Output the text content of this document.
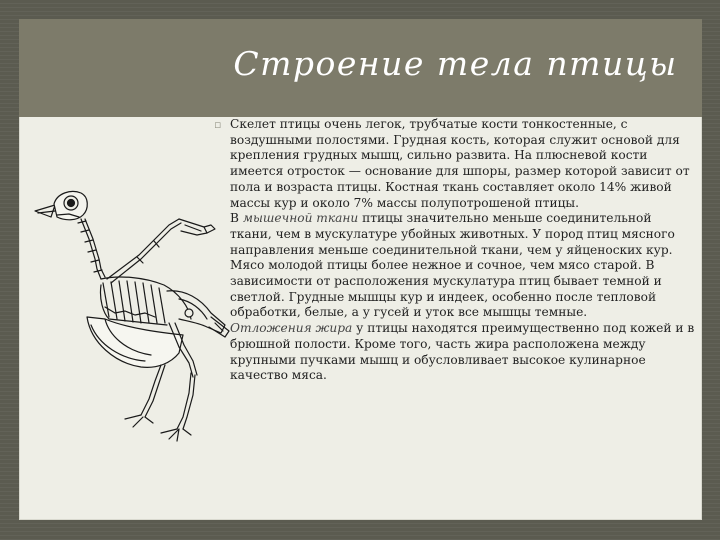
Строение тела птицы
▫ Скелет птицы очень легок, трубчатые кости тонкостенные, с воздушными полостями. Грудная кость, которая служит основой для крепления грудных мышц, сильно развита. На плюсневой кости имеется отросток — основание для шпоры, размер которой зависит от пола и возраста птицы. Костная ткань составляет около 14% живой массы кур и около 7% массы полупотрошеной птицы.

В мышечной ткани птицы значительно меньше соединительной ткани, чем в мускулатуре убойных животных. У пород птиц мясного направления меньше соединительной ткани, чем у яйценоских кур. Мясо молодой птицы более нежное и сочное, чем мясо старой. В зависимости от расположения мускулатура птиц бывает темной и светлой. Грудные мышцы кур и индеек, особенно после тепловой обработки, белые, а у гусей и уток все мышцы темные.

Отложения жира у птицы находятся преимущественно под кожей и в брюшной полости. Кроме того, часть жира расположена между крупными пучками мышц и обусловливает высокое кулинарное качество мяса.
